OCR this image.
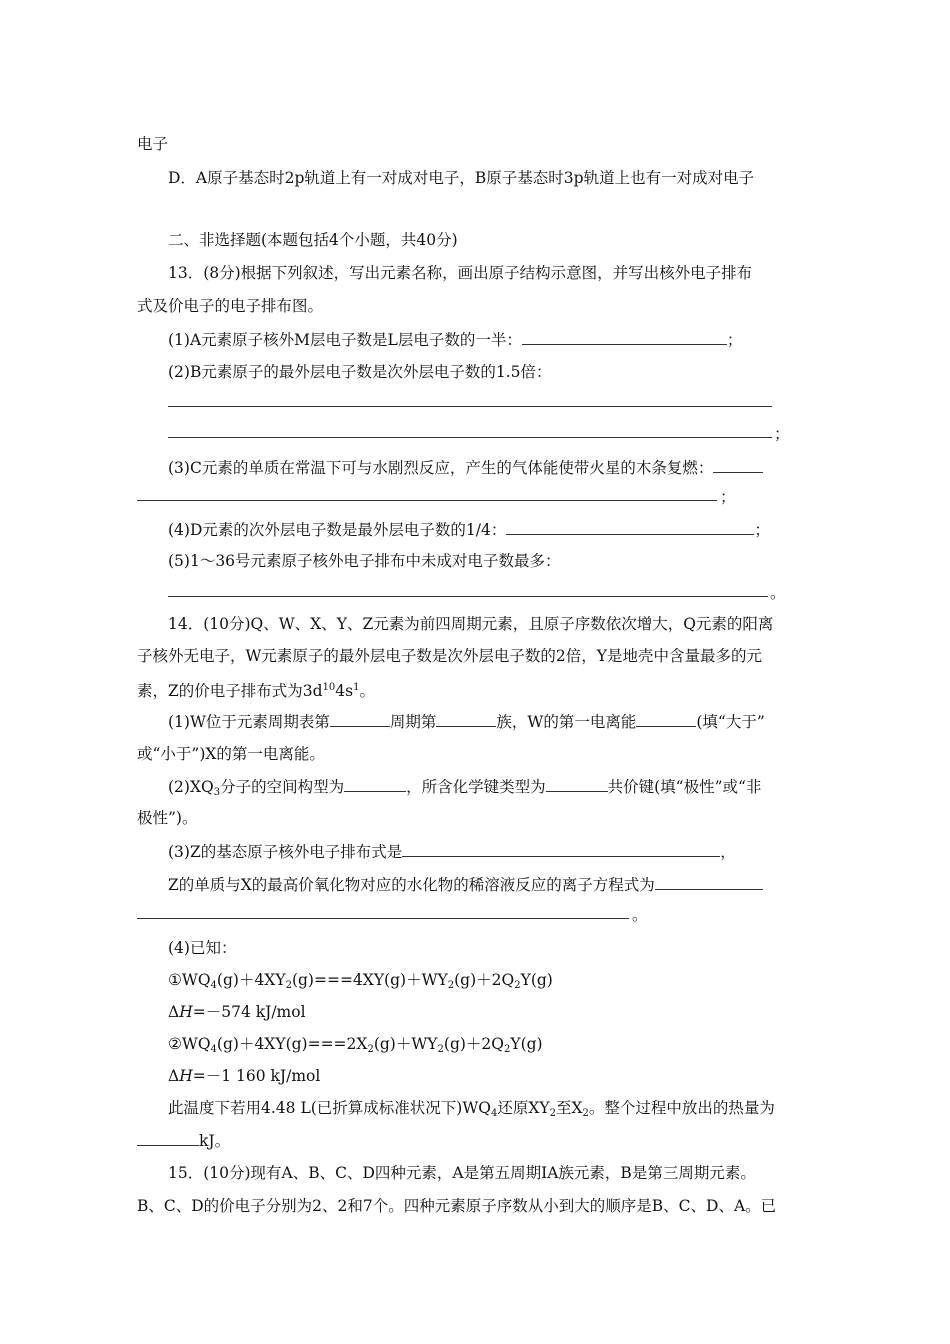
电子
D．A原子基态时2p轨道上有一对成对电子，B原子基态时3p轨道上也有一对成对电子
二、非选择题(本题包括4个小题，共40分)
13．(8分)根据下列叙述，写出元素名称，画出原子结构示意图，并写出核外电子排布
式及价电子的电子排布图。
(1)A元素原子核外M层电子数是L层电子数的一半：	；
(2)B元素原子的最外层电子数是次外层电子数的1.5倍：
；
(3)C元素的单质在常温下可与水剧烈反应，产生的气体能使带火星的木条复燃：
；
(4)D元素的次外层电子数是最外层电子数的1/4：	；
(5)1～36号元素原子核外电子排布中未成对电子数最多：
。
14．(10分)Q、W、X、Y、Z元素为前四周期元素，且原子序数依次增大，Q元素的阳离
子核外无电子，W元素原子的最外层电子数是次外层电子数的2倍，Y是地壳中含量最多的元
素，Z的价电子排布式为$3d^{10}4s^1$。
(1)W位于元素周期表第	周期第	族，W的第一电离能	(填“大于”
或“小于”)X的第一电离能。
$(2)XQ_3$分子的空间构型为	，所含化学键类型为	共价键(填“极性”或“非
极性”)。
(3)Z的基态原子核外电子排布式是	，
Z的单质与X的最高价氧化物对应的水化物的稀溶液反应的离子方程式为
。
(4)已知：
$①WQ_4(g)+4XY_2(g)===4XY(g)+WY_2(g)+2Q_2Y(g)$
ΔH=－574 kJ/mol
$②WQ_4(g)+4XY(g)===2X_2(g)+WY_2(g)+2Q_2Y(g)$
ΔH=－1 160 kJ/mol
此温度下若用4.48 L(已折算成标准状况下)$WQ_4$还原$XY_2$至$X_2$。整个过程中放出的热量为
kJ。
15．(10分)现有A、B、C、D四种元素，A是第五周期ⅠA族元素，B是第三周期元素。
B、C、D的价电子分别为2、2和7个。四种元素原子序数从小到大的顺序是B、C、D、A。已
